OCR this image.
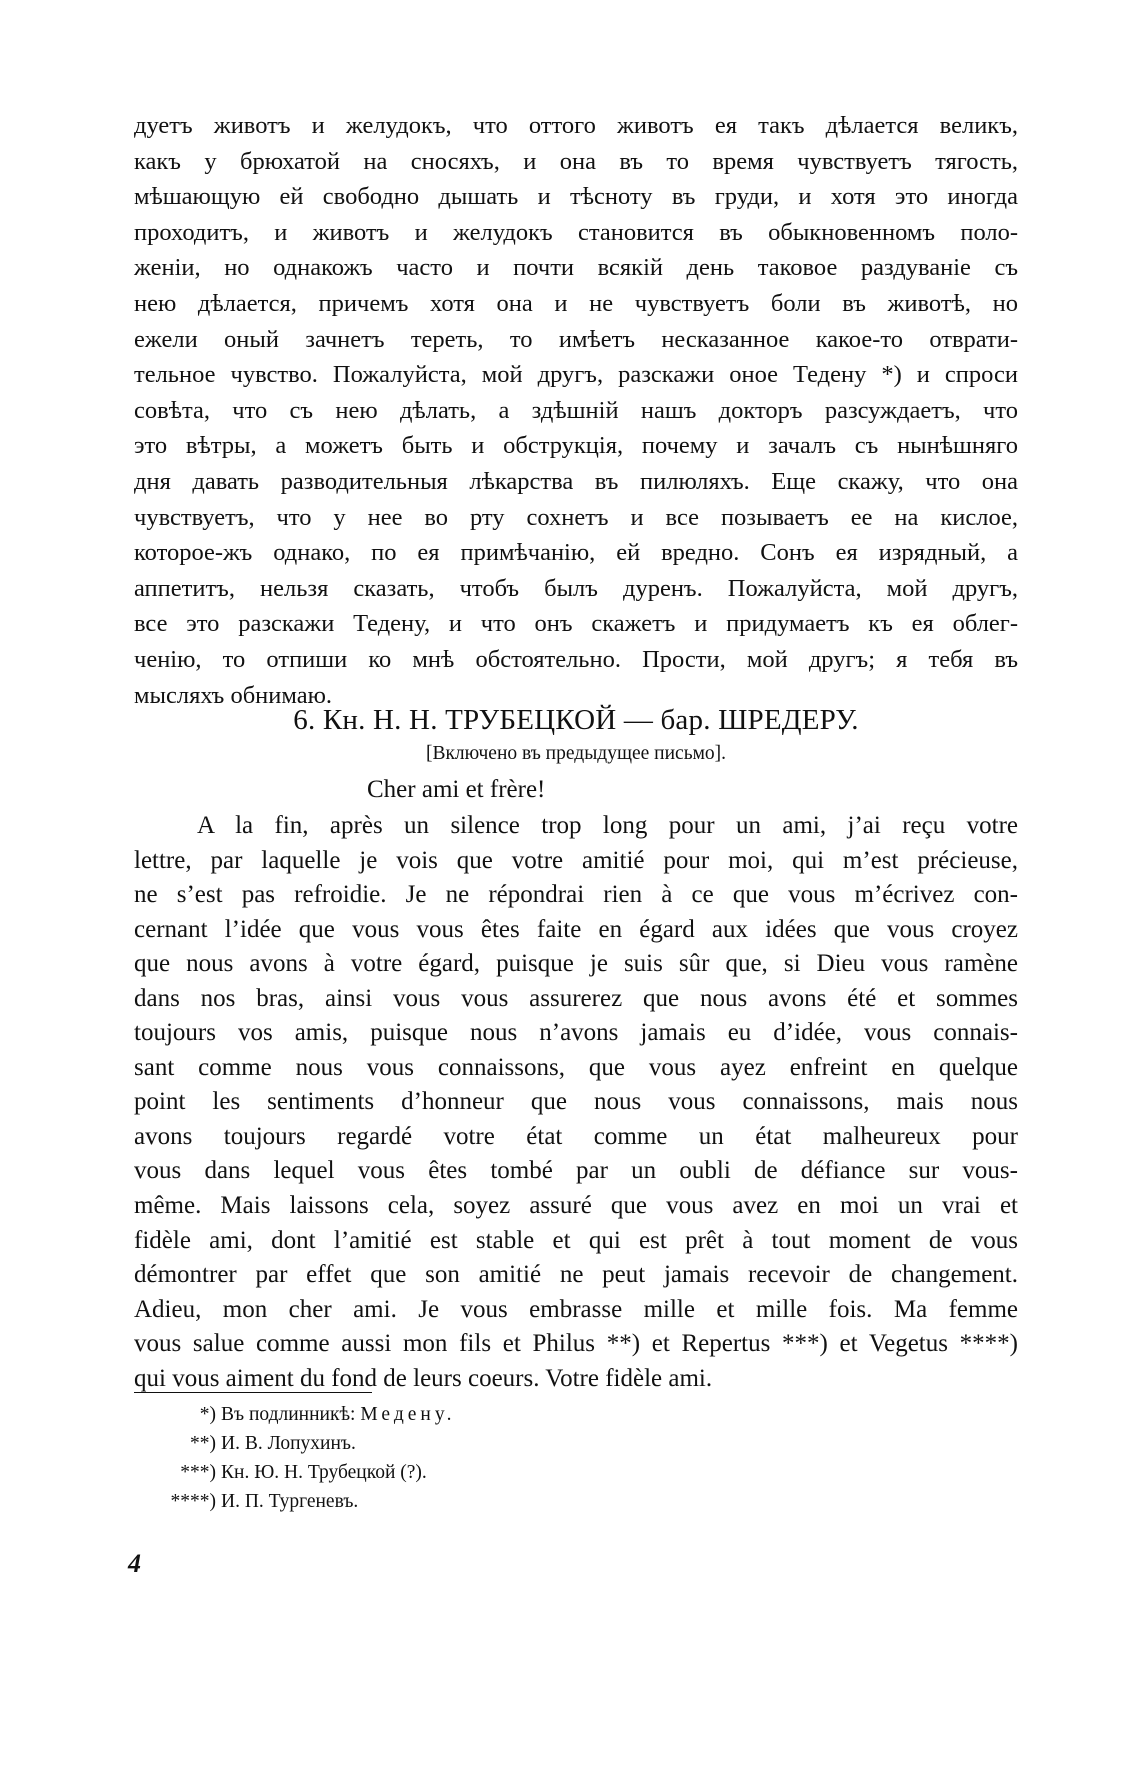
дуетъ животъ и желудокъ, что оттого животъ ея такъ дѣлается великъ,
какъ у брюхатой на сносяхъ, и она въ то время чувствуетъ тягость,
мѣшающую ей свободно дышать и тѣсноту въ груди, и хотя это иногда
проходитъ, и животъ и желудокъ становится въ обыкновенномъ поло-
женіи, но однакожъ часто и почти всякій день таковое раздуваніе съ
нею дѣлается, причемъ хотя она и не чувствуетъ боли въ животѣ, но
ежели оный зачнетъ тереть, то имѣетъ несказанное какое-то отврати-
тельное чувство. Пожалуйста, мой другъ, разскажи оное Тедену *) и спроси
совѣта, что съ нею дѣлать, а здѣшній нашъ докторъ разсуждаетъ, что
это вѣтры, а можетъ быть и обструкція, почему и зачалъ съ нынѣшняго
дня давать разводительныя лѣкарства въ пилюляхъ. Еще скажу, что она
чувствуетъ, что у нее во рту сохнетъ и все позываетъ ее на кислое,
которое-жъ однако, по ея примѣчанію, ей вредно. Сонъ ея изрядный, а
аппетитъ, нельзя сказать, чтобъ былъ дуренъ. Пожалуйста, мой другъ,
все это разскажи Тедену, и что онъ скажетъ и придумаетъ къ ея облег-
ченію, то отпиши ко мнѣ обстоятельно. Прости, мой другъ; я тебя въ
мысляхъ обнимаю.
6. Кн. Н. Н. ТРУБЕЦКОЙ — бар. ШРЕДЕРУ.
[Включено въ предыдущее письмо].
Cher ami et frère!
A la fin, après un silence trop long pour un ami, j’ai reçu votre
lettre, par laquelle je vois que votre amitié pour moi, qui m’est précieuse,
ne s’est pas refroidie. Je ne répondrai rien à ce que vous m’écrivez con-
cernant l’idée que vous vous êtes faite en égard aux idées que vous croyez
que nous avons à votre égard, puisque je suis sûr que, si Dieu vous ramène
dans nos bras, ainsi vous vous assurerez que nous avons été et sommes
toujours vos amis, puisque nous n’avons jamais eu d’idée, vous connais-
sant comme nous vous connaissons, que vous ayez enfreint en quelque
point les sentiments d’honneur que nous vous connaissons, mais nous
avons toujours regardé votre état comme un état malheureux pour
vous dans lequel vous êtes tombé par un oubli de défiance sur vous-
même. Mais laissons cela, soyez assuré que vous avez en moi un vrai et
fidèle ami, dont l’amitié est stable et qui est prêt à tout moment de vous
démontrer par effet que son amitié ne peut jamais recevoir de changement.
Adieu, mon cher ami. Je vous embrasse mille et mille fois. Ma femme
vous salue comme aussi mon fils et Philus **) et Repertus ***) et Vegetus ****)
qui vous aiment du fond de leurs coeurs. Votre fidèle ami.
*) Въ подлинникѣ: Медену.
**) И. В. Лопухинъ.
***) Кн. Ю. Н. Трубецкой (?).
****) И. П. Тургеневъ.
4
